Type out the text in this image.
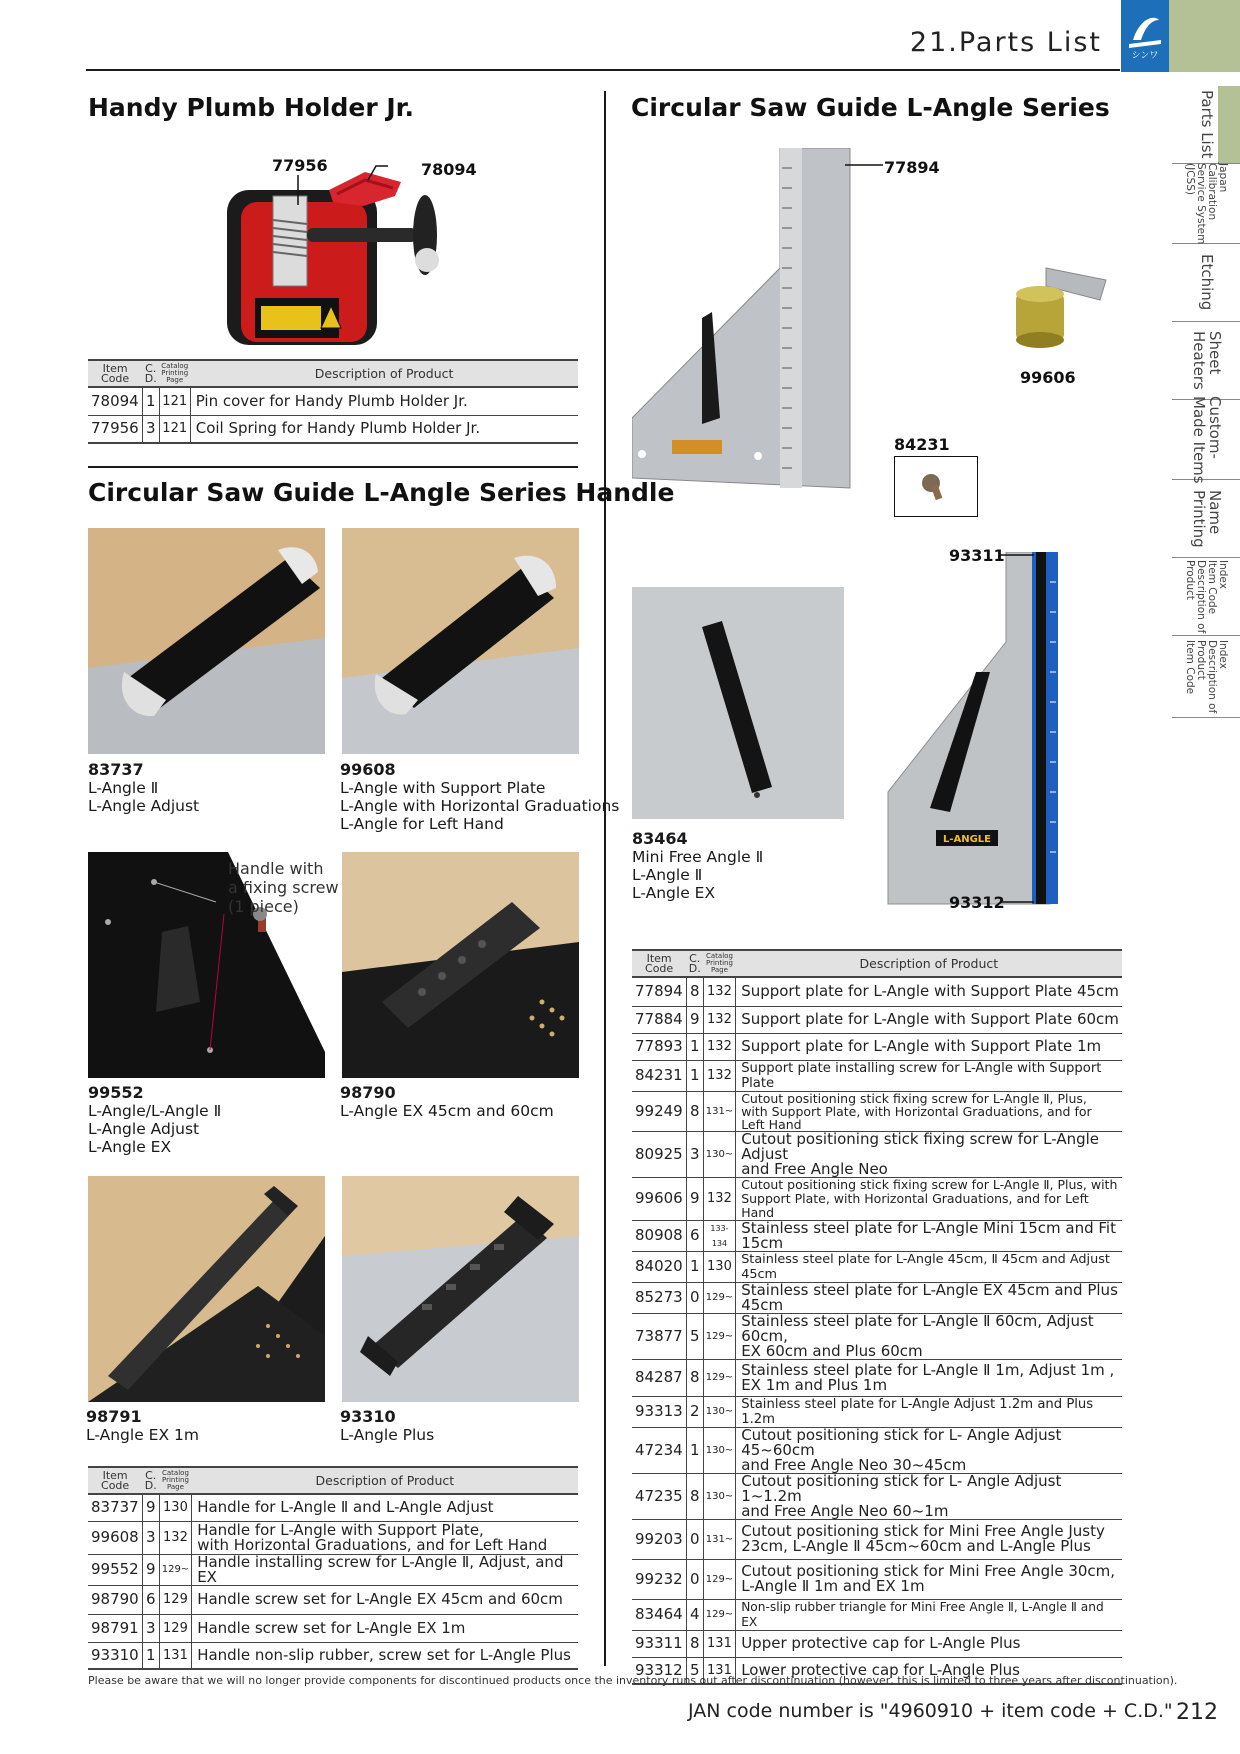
21.Parts List	シンワ
Parts List
Japan
Calibration
Service System
(JCSS)
Etching
Sheet
Heaters
Custom-
Made Items
Name
Printing
Index
Item Code
Description of
Product
Index
Description of
Product
Item Code
Handy Plumb Holder Jr.
77956	78094
Item Code	C. D.	Catalog Printing Page	Description of Product
78094	1	121	Pin cover for Handy Plumb Holder Jr.
77956	3	121	Coil Spring for Handy Plumb Holder Jr.
Circular Saw Guide L-Angle Series Handle
83737
L-Angle Ⅱ
L-Angle Adjust
99608
L-Angle with Support Plate
L-Angle with Horizontal Graduations
L-Angle for Left Hand
Handle with
a fixing screw
(1 piece)
99552
L-Angle/L-Angle Ⅱ
L-Angle Adjust
L-Angle EX
98790
L-Angle EX 45cm and 60cm
98791
L-Angle EX 1m
93310
L-Angle Plus
Item Code	C. D.	Catalog Printing Page	Description of Product
83737	9	130	Handle for L-Angle Ⅱ and L-Angle Adjust
99608	3	132	Handle for L-Angle with Support Plate,
with Horizontal Graduations, and for Left Hand
99552	9	129~	Handle installing screw for L-Angle Ⅱ, Adjust, and EX
98790	6	129	Handle screw set for L-Angle EX 45cm and 60cm
98791	3	129	Handle screw set for L-Angle EX 1m
93310	1	131	Handle non-slip rubber, screw set for L-Angle Plus
Circular Saw Guide L-Angle Series
77894
99606
84231
83464
Mini Free Angle Ⅱ
L-Angle Ⅱ
L-Angle EX
L-ANGLE
93311
93312
Item Code	C. D.	Catalog Printing Page	Description of Product
77894	8	132	Support plate for L-Angle with Support Plate 45cm
77884	9	132	Support plate for L-Angle with Support Plate 60cm
77893	1	132	Support plate for L-Angle with Support Plate 1m
84231	1	132	Support plate installing screw for L-Angle with Support Plate
99249	8	131~	Cutout positioning stick fixing screw for L-Angle Ⅱ, Plus,
with Support Plate, with Horizontal Graduations, and for Left Hand
80925	3	130~	Cutout positioning stick fixing screw for L-Angle Adjust
and Free Angle Neo
99606	9	132	Cutout positioning stick fixing screw for L-Angle Ⅱ, Plus, with
Support Plate, with Horizontal Graduations, and for Left Hand
80908	6	133-134	Stainless steel plate for L-Angle Mini 15cm and Fit 15cm
84020	1	130	Stainless steel plate for L-Angle 45cm, Ⅱ 45cm and Adjust 45cm
85273	0	129~	Stainless steel plate for L-Angle EX 45cm and Plus 45cm
73877	5	129~	Stainless steel plate for L-Angle Ⅱ 60cm, Adjust 60cm,
EX 60cm and Plus 60cm
84287	8	129~	Stainless steel plate for L-Angle Ⅱ 1m, Adjust 1m ,
EX 1m and Plus 1m
93313	2	130~	Stainless steel plate for L-Angle Adjust 1.2m and Plus 1.2m
47234	1	130~	Cutout positioning stick for L- Angle Adjust 45~60cm
and Free Angle Neo 30~45cm
47235	8	130~	Cutout positioning stick for L- Angle Adjust 1~1.2m
and Free Angle Neo 60~1m
99203	0	131~	Cutout positioning stick for Mini Free Angle Justy
23cm, L-Angle Ⅱ 45cm~60cm and L-Angle Plus
99232	0	129~	Cutout positioning stick for Mini Free Angle 30cm,
L-Angle Ⅱ 1m and EX 1m
83464	4	129~	Non-slip rubber triangle for Mini Free Angle Ⅱ, L-Angle Ⅱ and EX
93311	8	131	Upper protective cap for L-Angle Plus
93312	5	131	Lower protective cap for L-Angle Plus
Please be aware that we will no longer provide components for discontinued products once the inventory runs out after discontinuation (however, this is limited to three years after discontinuation).
JAN code number is "4960910 + item code + C.D." 212
